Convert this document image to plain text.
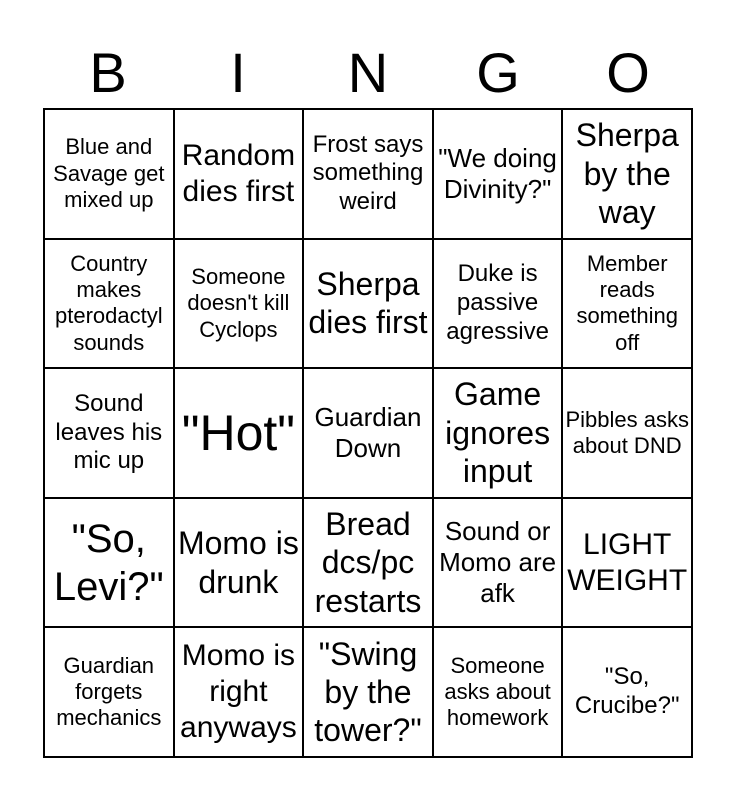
B	I	N	G	O
Blue and Savage get mixed up
Random dies first
Frost says something weird
"We doing Divinity?"
Sherpa by the way
Country makes pterodactyl sounds
Someone doesn't kill Cyclops
Sherpa dies first
Duke is passive agressive
Member reads something off
Sound leaves his mic up "Hot" Guardian Down
Game ignores input
Pibbles asks about DND
"So, Levi?"
Momo is drunk
Bread dcs/pc restarts
Sound or Momo are afk
LIGHT WEIGHT
Guardian forgets mechanics
Momo is right anyways
"Swing by the tower?"
Someone asks about homework
"So, Crucibe?"
